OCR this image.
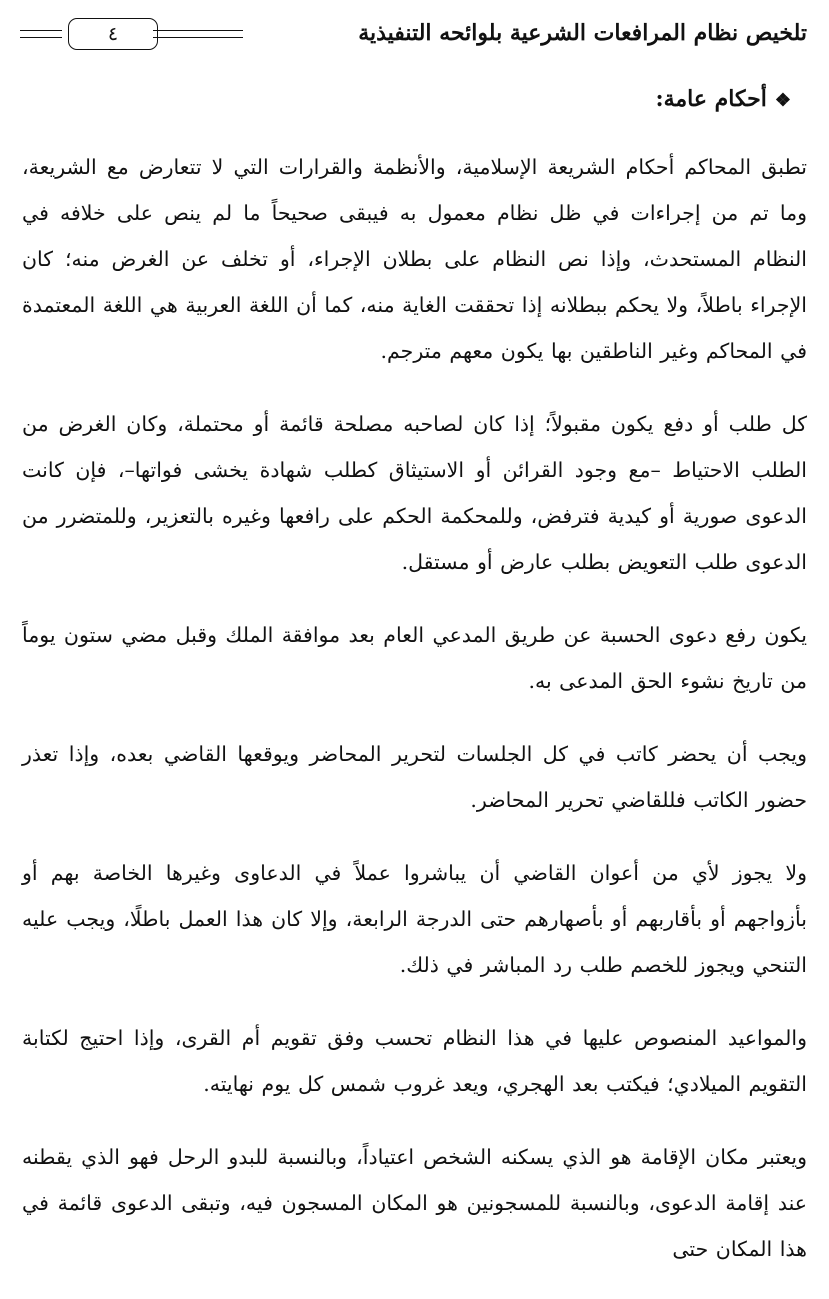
تلخيص نظام المرافعات الشرعية بلوائحه التنفيذية
٤
❖أحكام عامة:

تطبق المحاكم أحكام الشريعة الإسلامية، والأنظمة والقرارات التي لا تتعارض مع الشريعة، وما تم من إجراءات في ظل نظام معمول به فيبقى صحيحاً ما لم ينص على خلافه في النظام المستحدث، وإذا نص النظام على بطلان الإجراء، أو تخلف عن الغرض منه؛ كان الإجراء باطلاً، ولا يحكم ببطلانه إذا تحققت الغاية منه، كما أن اللغة العربية هي اللغة المعتمدة في المحاكم وغير الناطقين بها يكون معهم مترجم.

كل طلب أو دفع يكون مقبولاً؛ إذا كان لصاحبه مصلحة قائمة أو محتملة، وكان الغرض من الطلب الاحتياط –مع وجود القرائن أو الاستيثاق كطلب شهادة يخشى فواتها–، فإن كانت الدعوى صورية أو كيدية فترفض، وللمحكمة الحكم على رافعها وغيره بالتعزير، وللمتضرر من الدعوى طلب التعويض بطلب عارض أو مستقل.

يكون رفع دعوى الحسبة عن طريق المدعي العام بعد موافقة الملك وقبل مضي ستون يوماً من تاريخ نشوء الحق المدعى به.

ويجب أن يحضر كاتب في كل الجلسات لتحرير المحاضر ويوقعها القاضي بعده، وإذا تعذر حضور الكاتب فللقاضي تحرير المحاضر.

ولا يجوز لأي من أعوان القاضي أن يباشروا عملاً في الدعاوى وغيرها الخاصة بهم أو بأزواجهم أو بأقاربهم أو بأصهارهم حتى الدرجة الرابعة، وإلا كان هذا العمل باطلًا، ويجب عليه التنحي ويجوز للخصم طلب رد المباشر في ذلك.

والمواعيد المنصوص عليها في هذا النظام تحسب وفق تقويم أم القرى، وإذا احتيج لكتابة التقويم الميلادي؛ فيكتب بعد الهجري، ويعد غروب شمس كل يوم نهايته.

ويعتبر مكان الإقامة هو الذي يسكنه الشخص اعتياداً، وبالنسبة للبدو الرحل فهو الذي يقطنه عند إقامة الدعوى، وبالنسبة للمسجونين هو المكان المسجون فيه، وتبقى الدعوى قائمة في هذا المكان حتى
